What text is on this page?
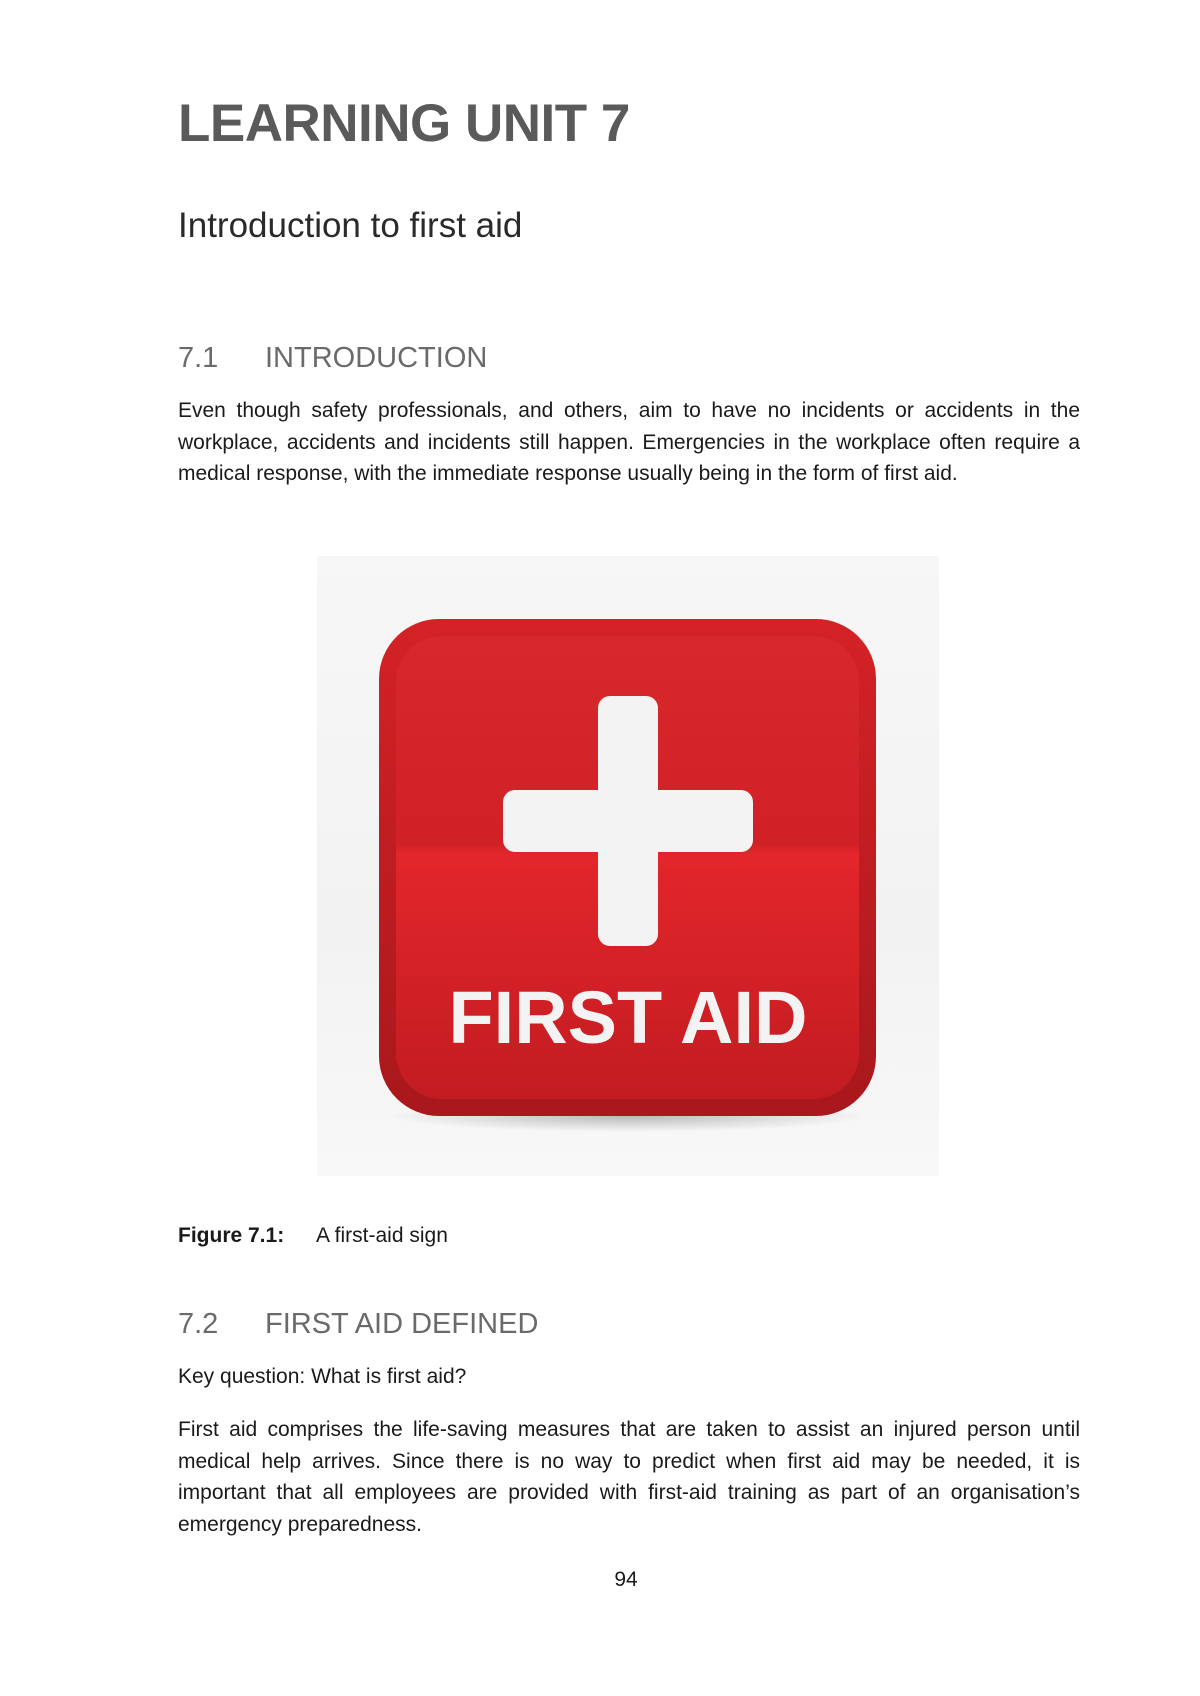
LEARNING UNIT 7
Introduction to first aid
7.1 INTRODUCTION

Even though safety professionals, and others, aim to have no incidents or accidents in the workplace, accidents and incidents still happen. Emergencies in the workplace often require a medical response, with the immediate response usually being in the form of first aid.

FIRST AID

Figure 7.1: A first-aid sign

7.2 FIRST AID DEFINED

Key question: What is first aid?

First aid comprises the life-saving measures that are taken to assist an injured person until medical help arrives. Since there is no way to predict when first aid may be needed, it is important that all employees are provided with first-aid training as part of an organisation’s emergency preparedness.

94
